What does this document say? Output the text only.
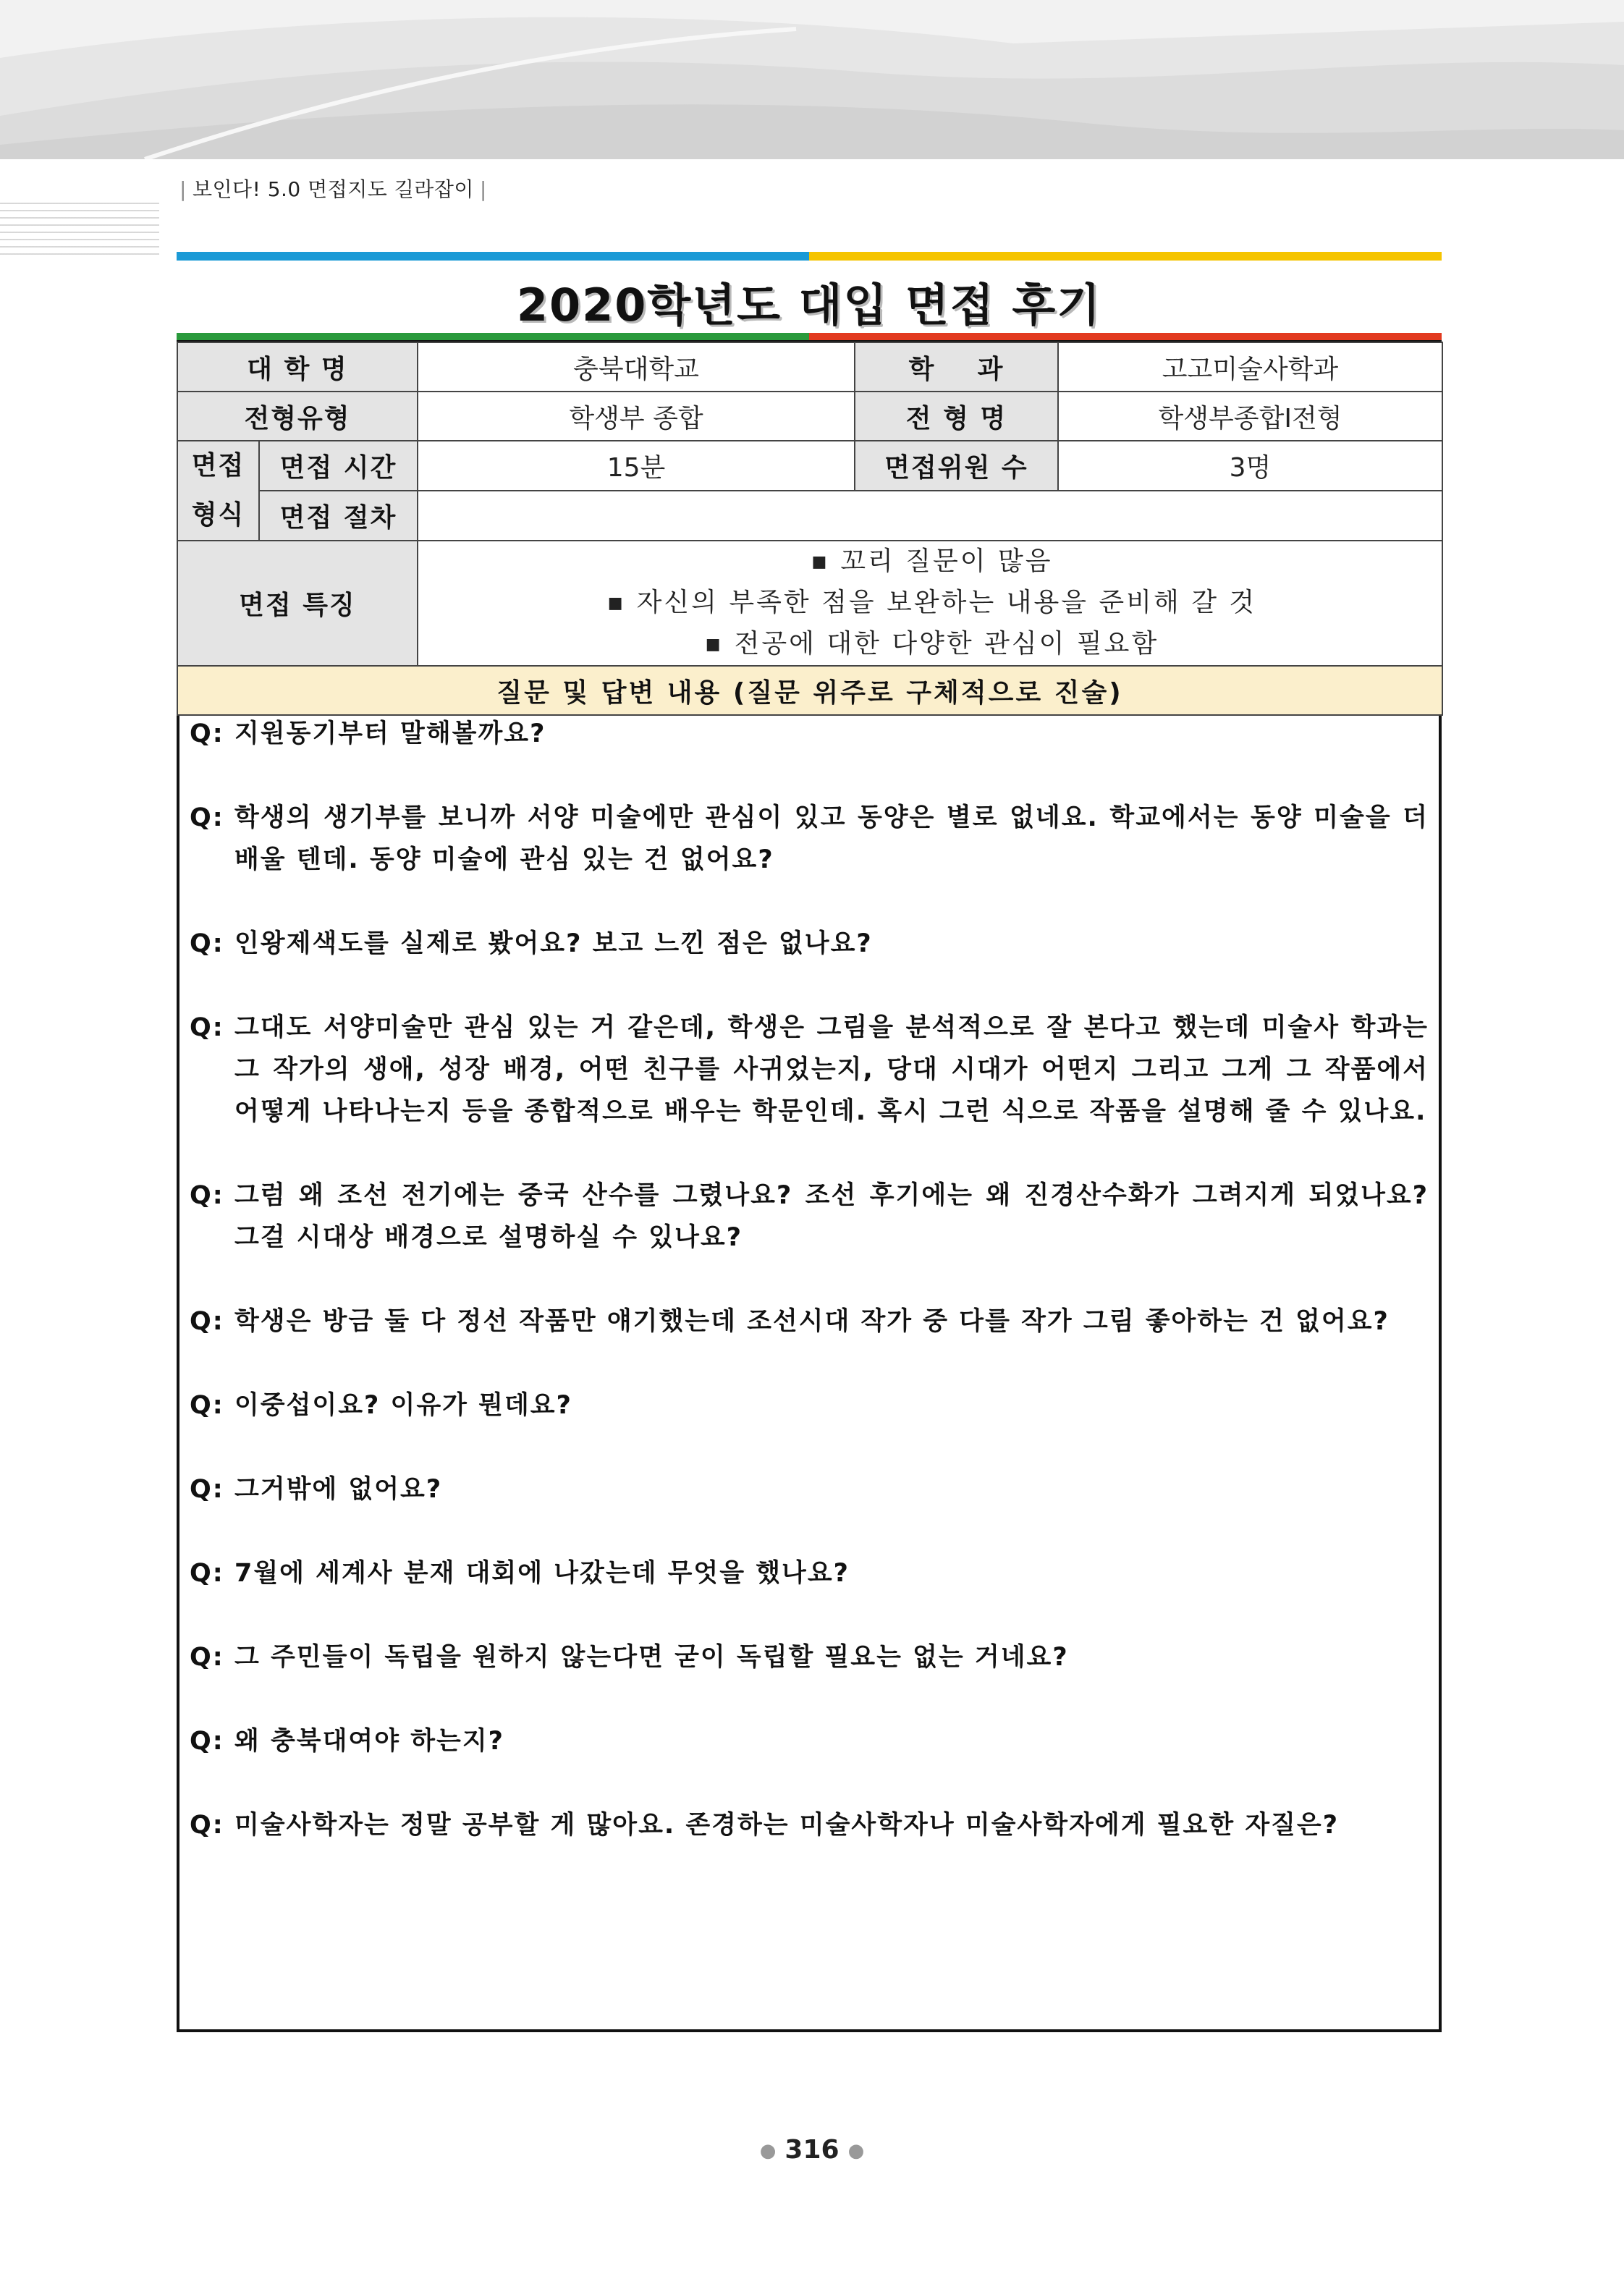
| 보인다! 5.0 면접지도 길라잡이 |
2020학년도 대입 면접 후기
대 학 명		충북대학교	학    과	고고미술사학과
전형유형		학생부 종합	전 형 명	학생부종합Ⅰ전형
면접
형식	면접 시간	15분	면접위원 수	3명
	면접 절차			
면접 특징		■ 꼬리 질문이 많음
■ 자신의 부족한 점을 보완하는 내용을 준비해 갈 것
■ 전공에 대한 다양한 관심이 필요함		

질문 및 답변 내용 (질문 위주로 구체적으로 진술)				
Q: 지원동기부터 말해볼까요?
Q: 학생의 생기부를 보니까 서양 미술에만 관심이 있고 동양은 별로 없네요. 학교에서는 동양 미술을 더 배울 텐데. 동양 미술에 관심 있는 건 없어요?
Q: 인왕제색도를 실제로 봤어요? 보고 느낀 점은 없나요?
Q: 그대도 서양미술만 관심 있는 거 같은데, 학생은 그림을 분석적으로 잘 본다고 했는데 미술사 학과는 그 작가의 생애, 성장 배경, 어떤 친구를 사귀었는지, 당대 시대가 어떤지 그리고 그게 그 작품에서 어떻게 나타나는지 등을 종합적으로 배우는 학문인데. 혹시 그런 식으로 작품을 설명해 줄 수 있나요.
Q: 그럼 왜 조선 전기에는 중국 산수를 그렸나요? 조선 후기에는 왜 진경산수화가 그려지게 되었나요? 그걸 시대상 배경으로 설명하실 수 있나요?
Q: 학생은 방금 둘 다 정선 작품만 얘기했는데 조선시대 작가 중 다를 작가 그림 좋아하는 건 없어요?
Q: 이중섭이요? 이유가 뭔데요?
Q: 그거밖에 없어요?
Q: 7월에 세계사 분재 대회에 나갔는데 무엇을 했나요?
Q: 그 주민들이 독립을 원하지 않는다면 굳이 독립할 필요는 없는 거네요?
Q: 왜 충북대여야 하는지?
Q: 미술사학자는 정말 공부할 게 많아요. 존경하는 미술사학자나 미술사학자에게 필요한 자질은?
● 316 ●
